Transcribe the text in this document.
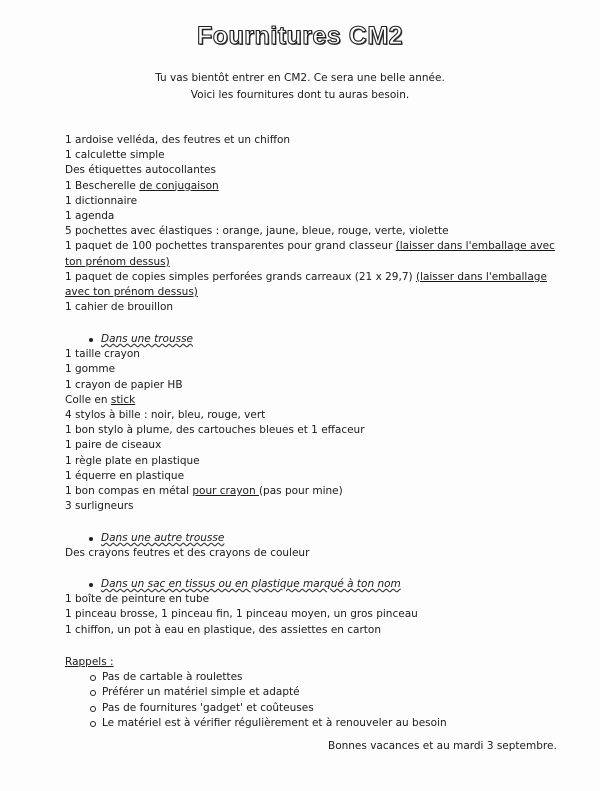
Fournitures CM2
Tu vas bientôt entrer en CM2. Ce sera une belle année.
Voici les fournitures dont tu auras besoin.
1 ardoise velléda, des feutres et un chiffon
1 calculette simple
Des étiquettes autocollantes
1 Bescherelle de conjugaison
1 dictionnaire
1 agenda
5 pochettes avec élastiques : orange, jaune, bleue, rouge, verte, violette
1 paquet de 100 pochettes transparentes pour grand classeur (laisser dans l'emballage avec
ton prénom dessus)
1 paquet de copies simples perforées grands carreaux (21 x 29,7) (laisser dans l'emballage
avec ton prénom dessus)
1 cahier de brouillon
Dans une trousse
1 taille crayon
1 gomme
1 crayon de papier HB
Colle en stick
4 stylos à bille : noir, bleu, rouge, vert
1 bon stylo à plume, des cartouches bleues et 1 effaceur
1 paire de ciseaux
1 règle plate en plastique
1 équerre en plastique
1 bon compas en métal pour crayon (pas pour mine)
3 surligneurs
Dans une autre trousse
Des crayons feutres et des crayons de couleur
Dans un sac en tissus ou en plastique marqué à ton nom
1 boîte de peinture en tube
1 pinceau brosse, 1 pinceau fin, 1 pinceau moyen, un gros pinceau
1 chiffon, un pot à eau en plastique, des assiettes en carton
Rappels :
Pas de cartable à roulettes
Préférer un matériel simple et adapté
Pas de fournitures 'gadget' et coûteuses
Le matériel est à vérifier régulièrement et à renouveler au besoin
Bonnes vacances et au mardi 3 septembre.
